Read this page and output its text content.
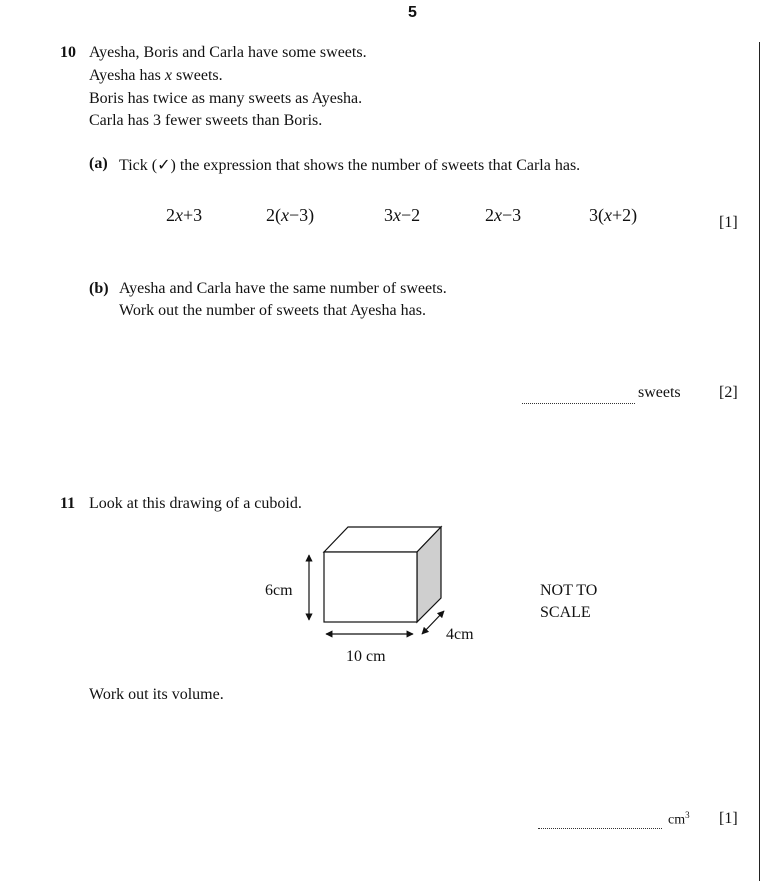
5
10 Ayesha, Boris and Carla have some sweets.
Ayesha has x sweets.
Boris has twice as many sweets as Ayesha.
Carla has 3 fewer sweets than Boris.
(a) Tick (✓) the expression that shows the number of sweets that Carla has.
2x+3	2(x−3)	3x−2	2x−3	3(x+2)	[1]
(b) Ayesha and Carla have the same number of sweets.
Work out the number of sweets that Ayesha has.
sweets [2]
11 Look at this drawing of a cuboid.
6cm
4cm
10 cm
NOT TO
SCALE
Work out its volume.
$cm^3$ [1]
